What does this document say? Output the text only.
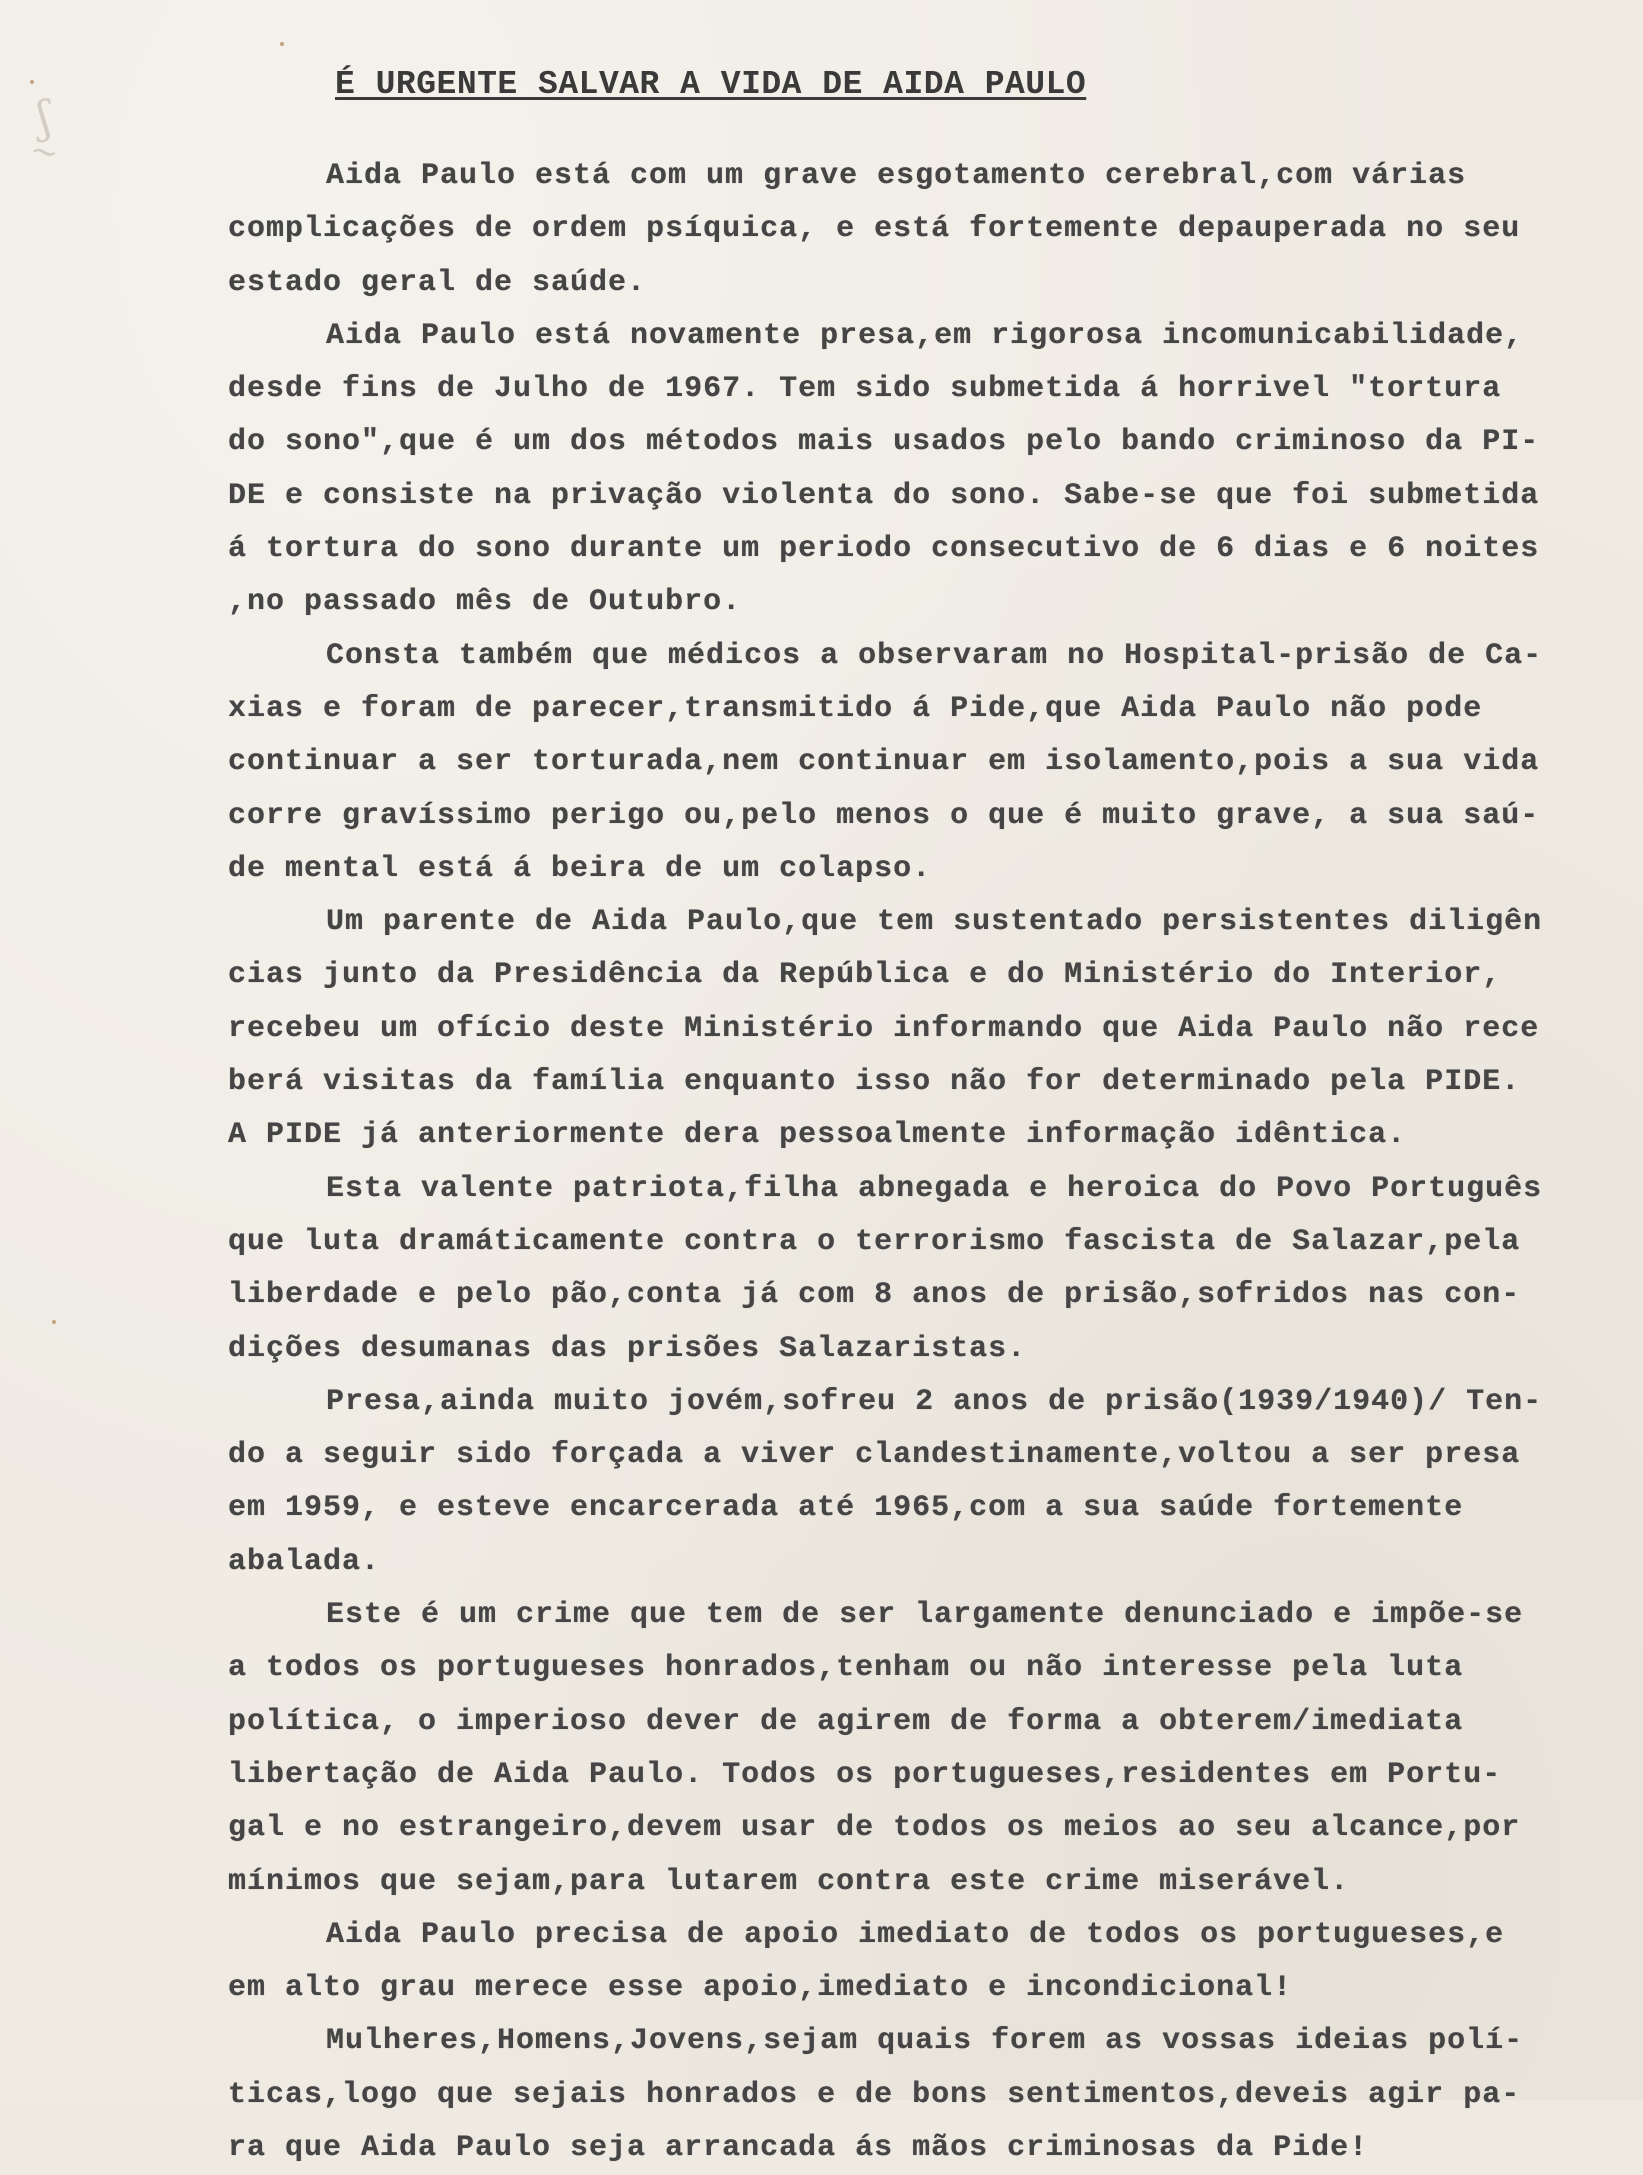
ʃ
~
É URGENTE SALVAR A VIDA DE AIDA PAULO
Aida Paulo está com um grave esgotamento cerebral,com várias
complicações de ordem psíquica, e está fortemente depauperada no seu
estado geral de saúde.
Aida Paulo está novamente presa,em rigorosa incomunicabilidade,
desde fins de Julho de 1967. Tem sido submetida á horrivel "tortura
do sono",que é um dos métodos mais usados pelo bando criminoso da PI-
DE e consiste na privação violenta do sono. Sabe-se que foi submetida
á tortura do sono durante um periodo consecutivo de 6 dias e 6 noites
,no passado mês de Outubro.
Consta também que médicos a observaram no Hospital-prisão de Ca-
xias e foram de parecer,transmitido á Pide,que Aida Paulo não pode
continuar a ser torturada,nem continuar em isolamento,pois a sua vida
corre gravíssimo perigo ou,pelo menos o que é muito grave, a sua saú-
de mental está á beira de um colapso.
Um parente de Aida Paulo,que tem sustentado persistentes diligên
cias junto da Presidência da República e do Ministério do Interior,
recebeu um ofício deste Ministério informando que Aida Paulo não rece
berá visitas da família enquanto isso não for determinado pela PIDE.
A PIDE já anteriormente dera pessoalmente informação idêntica.
Esta valente patriota,filha abnegada e heroica do Povo Português
que luta dramáticamente contra o terrorismo fascista de Salazar,pela
liberdade e pelo pão,conta já com 8 anos de prisão,sofridos nas con-
dições desumanas das prisões Salazaristas.
Presa,ainda muito jovém,sofreu 2 anos de prisão(1939/1940)/ Ten-
do a seguir sido forçada a viver clandestinamente,voltou a ser presa
em 1959, e esteve encarcerada até 1965,com a sua saúde fortemente
abalada.
Este é um crime que tem de ser largamente denunciado e impõe-se
a todos os portugueses honrados,tenham ou não interesse pela luta
política, o imperioso dever de agirem de forma a obterem/imediata
libertação de Aida Paulo. Todos os portugueses,residentes em Portu-
gal e no estrangeiro,devem usar de todos os meios ao seu alcance,por
mínimos que sejam,para lutarem contra este crime miserável.
Aida Paulo precisa de apoio imediato de todos os portugueses,e
em alto grau merece esse apoio,imediato e incondicional!
Mulheres,Homens,Jovens,sejam quais forem as vossas ideias polí-
ticas,logo que sejais honrados e de bons sentimentos,deveis agir pa-
ra que Aida Paulo seja arrancada ás mãos criminosas da Pide!
